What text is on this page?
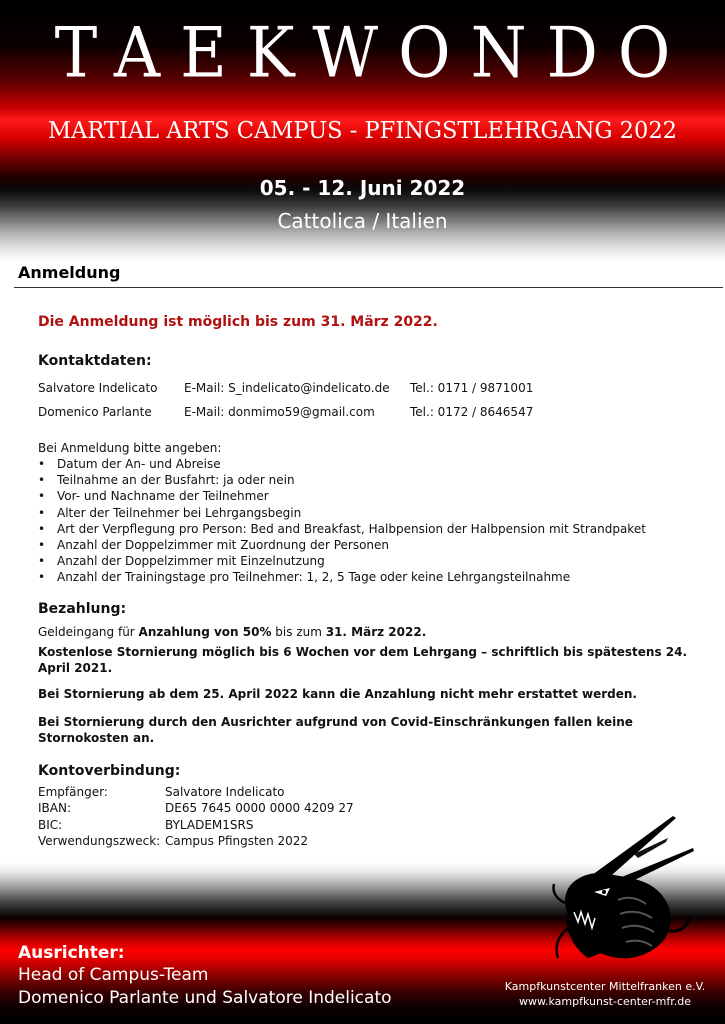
TAEKWONDO
MARTIAL ARTS CAMPUS - PFINGSTLEHRGANG 2022
05. - 12. Juni 2022
Cattolica / Italien
Anmeldung
Die Anmeldung ist möglich bis zum 31. März 2022.
Kontaktdaten:
Salvatore Indelicato E-Mail: S_indelicato@indelicato.de Tel.: 0171 / 9871001
Domenico Parlante	E-Mail: donmimo59@gmail.com	Tel.: 0172 / 8646547
Bei Anmeldung bitte angeben:
• Datum der An- und Abreise
• Teilnahme an der Busfahrt: ja oder nein
• Vor- und Nachname der Teilnehmer
• Alter der Teilnehmer bei Lehrgangsbegin
• Art der Verpflegung pro Person: Bed and Breakfast, Halbpension der Halbpension mit Strandpaket
• Anzahl der Doppelzimmer mit Zuordnung der Personen
• Anzahl der Doppelzimmer mit Einzelnutzung
• Anzahl der Trainingstage pro Teilnehmer: 1, 2, 5 Tage oder keine Lehrgangsteilnahme
Bezahlung:
Geldeingang für Anzahlung von 50% bis zum 31. März 2022.
Kostenlose Stornierung möglich bis 6 Wochen vor dem Lehrgang – schriftlich bis spätestens 24. April 2021.
Bei Stornierung ab dem 25. April 2022 kann die Anzahlung nicht mehr erstattet werden.
Bei Stornierung durch den Ausrichter aufgrund von Covid-Einschränkungen fallen keine Stornokosten an.
Kontoverbindung:
Empfänger:	Salvatore Indelicato
IBAN:	DE65 7645 0000 0000 4209 27
BIC:	BYLADEM1SRS
Verwendungszweck: Campus Pfingsten 2022
Ausrichter:
Head of Campus-Team
Domenico Parlante und Salvatore Indelicato
Kampfkunstcenter Mittelfranken e.V.
www.kampfkunst-center-mfr.de
